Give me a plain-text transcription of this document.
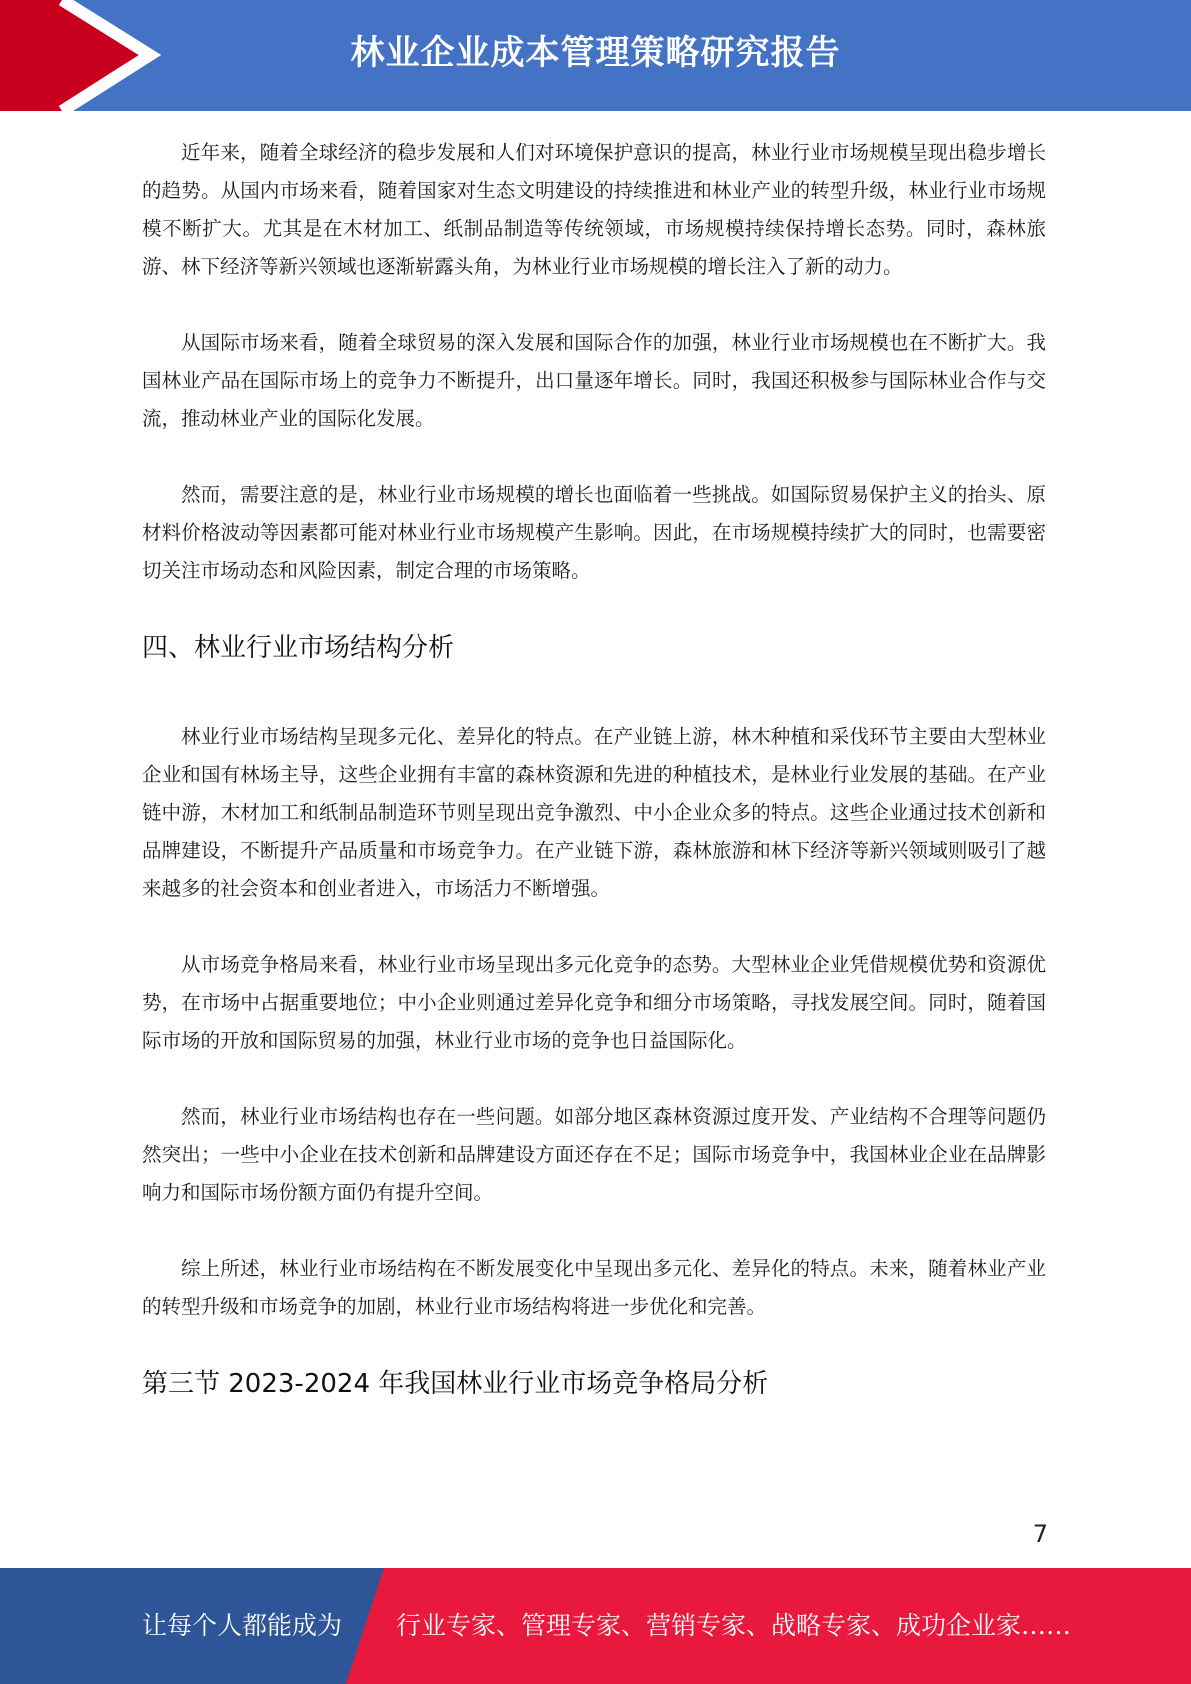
林业企业成本管理策略研究报告

近年来，随着全球经济的稳步发展和人们对环境保护意识的提高，林业行业市场规模呈现出稳步增长的趋势。从国内市场来看，随着国家对生态文明建设的持续推进和林业产业的转型升级，林业行业市场规模不断扩大。尤其是在木材加工、纸制品制造等传统领域，市场规模持续保持增长态势。同时，森林旅游、林下经济等新兴领域也逐渐崭露头角，为林业行业市场规模的增长注入了新的动力。

从国际市场来看，随着全球贸易的深入发展和国际合作的加强，林业行业市场规模也在不断扩大。我国林业产品在国际市场上的竞争力不断提升，出口量逐年增长。同时，我国还积极参与国际林业合作与交流，推动林业产业的国际化发展。

然而，需要注意的是，林业行业市场规模的增长也面临着一些挑战。如国际贸易保护主义的抬头、原材料价格波动等因素都可能对林业行业市场规模产生影响。因此，在市场规模持续扩大的同时，也需要密切关注市场动态和风险因素，制定合理的市场策略。

四、林业行业市场结构分析

林业行业市场结构呈现多元化、差异化的特点。在产业链上游，林木种植和采伐环节主要由大型林业企业和国有林场主导，这些企业拥有丰富的森林资源和先进的种植技术，是林业行业发展的基础。在产业链中游，木材加工和纸制品制造环节则呈现出竞争激烈、中小企业众多的特点。这些企业通过技术创新和品牌建设，不断提升产品质量和市场竞争力。在产业链下游，森林旅游和林下经济等新兴领域则吸引了越来越多的社会资本和创业者进入，市场活力不断增强。

从市场竞争格局来看，林业行业市场呈现出多元化竞争的态势。大型林业企业凭借规模优势和资源优势，在市场中占据重要地位；中小企业则通过差异化竞争和细分市场策略，寻找发展空间。同时，随着国际市场的开放和国际贸易的加强，林业行业市场的竞争也日益国际化。

然而，林业行业市场结构也存在一些问题。如部分地区森林资源过度开发、产业结构不合理等问题仍然突出；一些中小企业在技术创新和品牌建设方面还存在不足；国际市场竞争中，我国林业企业在品牌影响力和国际市场份额方面仍有提升空间。

综上所述，林业行业市场结构在不断发展变化中呈现出多元化、差异化的特点。未来，随着林业产业的转型升级和市场竞争的加剧，林业行业市场结构将进一步优化和完善。

第三节 2023-2024 年我国林业行业市场竞争格局分析
7
让每个人都能成为 行业专家、管理专家、营销专家、战略专家、成功企业家……
